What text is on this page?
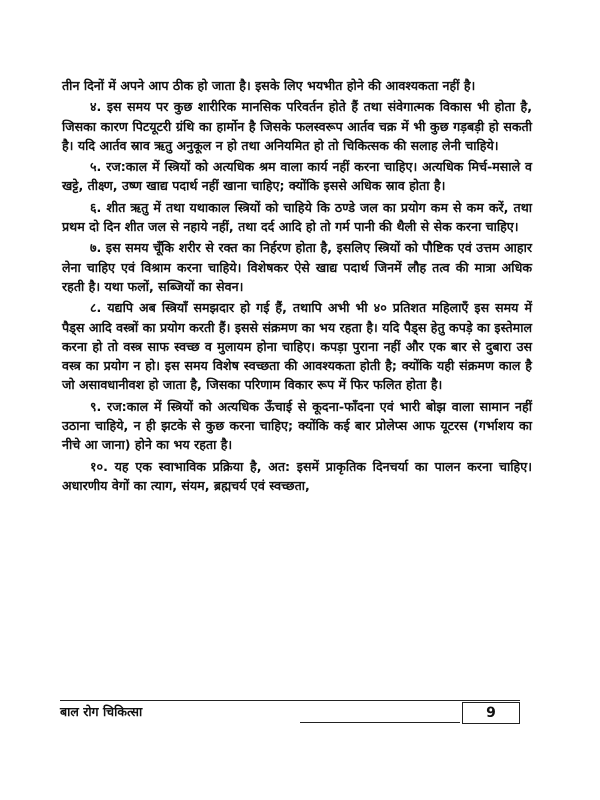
तीन दिनों में अपने आप ठीक हो जाता है। इसके लिए भयभीत होने की आवश्यकता नहीं है।

४. इस समय पर कुछ शारीरिक मानसिक परिवर्तन होते हैं तथा संवेगात्मक विकास भी होता है, जिसका कारण पिटयूटरी ग्रंथि का हार्मोन है जिसके फलस्वरूप आर्तव चक्र में भी कुछ गड़बड़ी हो सकती है। यदि आर्तव स्राव ऋतु अनुकूल न हो तथा अनियमित हो तो चिकित्सक की सलाह लेनी चाहिये।

५. रज:काल में स्त्रियों को अत्यधिक श्रम वाला कार्य नहीं करना चाहिए। अत्यधिक मिर्च-मसाले व खट्टे, तीक्ष्ण, उष्ण खाद्य पदार्थ नहीं खाना चाहिए; क्योंकि इससे अधिक स्राव होता है।

६. शीत ऋतु में तथा यथाकाल स्त्रियों को चाहिये कि ठण्डे जल का प्रयोग कम से कम करें, तथा प्रथम दो दिन शीत जल से नहाये नहीं, तथा दर्द आदि हो तो गर्म पानी की थैली से सेक करना चाहिए।

७. इस समय चूँकि शरीर से रक्त का निर्हरण होता है, इसलिए स्त्रियों को पौष्टिक एवं उत्तम आहार लेना चाहिए एवं विश्राम करना चाहिये। विशेषकर ऐसे खाद्य पदार्थ जिनमें लौह तत्व की मात्रा अधिक रहती है। यथा फलों, सब्जियों का सेवन।

८. यद्यपि अब स्त्रियाँ समझदार हो गई हैं, तथापि अभी भी ४० प्रतिशत महिलाएँ इस समय में पैड्स आदि वस्त्रों का प्रयोग करती हैं। इससे संक्रमण का भय रहता है। यदि पैड्स हेतु कपड़े का इस्तेमाल करना हो तो वस्त्र साफ स्वच्छ व मुलायम होना चाहिए। कपड़ा पुराना नहीं और एक बार से दुबारा उस वस्त्र का प्रयोग न हो। इस समय विशेष स्वच्छता की आवश्यकता होती है; क्योंकि यही संक्रमण काल है जो असावधानीवश हो जाता है, जिसका परिणाम विकार रूप में फिर फलित होता है।

९. रज:काल में स्त्रियों को अत्यधिक ऊँचाई से कूदना-फाँदना एवं भारी बोझ वाला सामान नहीं उठाना चाहिये, न ही झटके से कुछ करना चाहिए; क्योंकि कई बार प्रोलेप्स आफ यूटरस (गर्भाशय का नीचे आ जाना) होने का भय रहता है।

१०. यह एक स्वाभाविक प्रक्रिया है, अत: इसमें प्राकृतिक दिनचर्या का पालन करना चाहिए। अधारणीय वेगों का त्याग, संयम, ब्रह्मचर्य एवं स्वच्छता,

बाल रोग चिकित्सा	9
